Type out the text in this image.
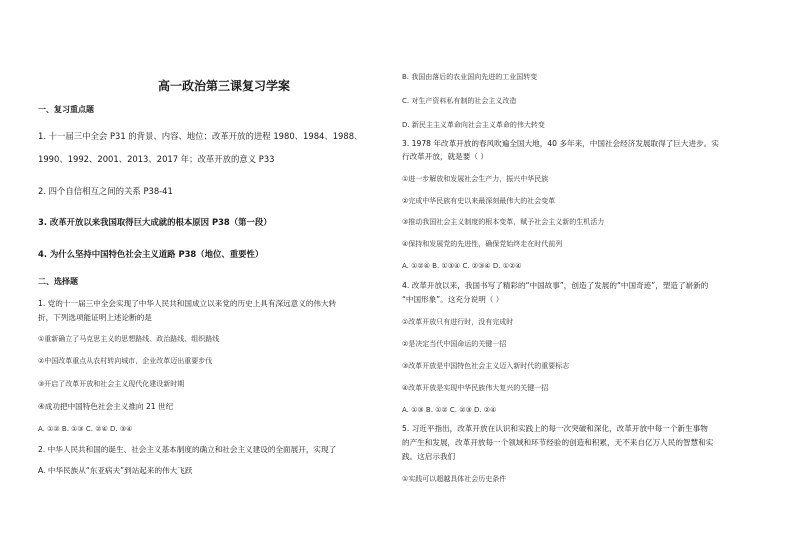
高一政治第三课复习学案
一、复习重点题
1. 十一届三中全会 P31 的背景、内容、地位；改革开放的进程 1980、1984、1988、
1990、1992、2001、2013、2017 年；改革开放的意义 P33
2. 四个自信相互之间的关系 P38-41
3. 改革开放以来我国取得巨大成就的根本原因 P38（第一段）
4. 为什么坚持中国特色社会主义道路 P38（地位、重要性）
二、选择题
1. 党的十一届三中全会实现了中华人民共和国成立以来党的历史上具有深远意义的伟大转
折，下列选项能证明上述论断的是
①重新确立了马克思主义的思想路线、政治路线、组织路线
②中国改革重点从农村转向城市，企业改革迈出重要步伐
③开启了改革开放和社会主义现代化建设新时期
④成功把中国特色社会主义推向 21 世纪
A. ①② B. ①③ C. ②④ D. ③④
2. 中华人民共和国的诞生、社会主义基本制度的确立和社会主义建设的全面展开，实现了
A. 中华民族从“东亚病夫”到站起来的伟大飞跃
B. 我国由落后的农业国向先进的工业国转变
C. 对生产资料私有制的社会主义改造
D. 新民主主义革命向社会主义革命的伟大转变
3. 1978 年改革开放的春风吹遍全国大地，40 多年来，中国社会经济发展取得了巨大进步。实
行改革开放，就是要（ ）
①进一步解放和发展社会生产力，振兴中华民族
②完成中华民族有史以来最深刻最伟大的社会变革
③推动我国社会主义制度的根本变革，赋予社会主义新的生机活力
④保持和发展党的先进性，确保党始终走在时代前列
A. ①②④ B. ①③④ C. ②③④ D. ①②④
4. 改革开放以来，我国书写了精彩的“中国故事”，创造了发展的“中国奇迹”，塑造了崭新的
“中国形象”。这充分说明（ ）
①改革开放只有进行时，没有完成时
②是决定当代中国命运的关键一招
③改革开放是中国特色社会主义迈入新时代的重要标志
④改革开放是实现中华民族伟大复兴的关键一招
A. ①③ B. ①② C. ②③ D. ②④
5. 习近平指出，改革开放在认识和实践上的每一次突破和深化，改革开放中每一个新生事物
的产生和发展，改革开放每一个领域和环节经验的创造和积累，无不来自亿万人民的智慧和实
践。这启示我们
①实践可以超越具体社会历史条件
